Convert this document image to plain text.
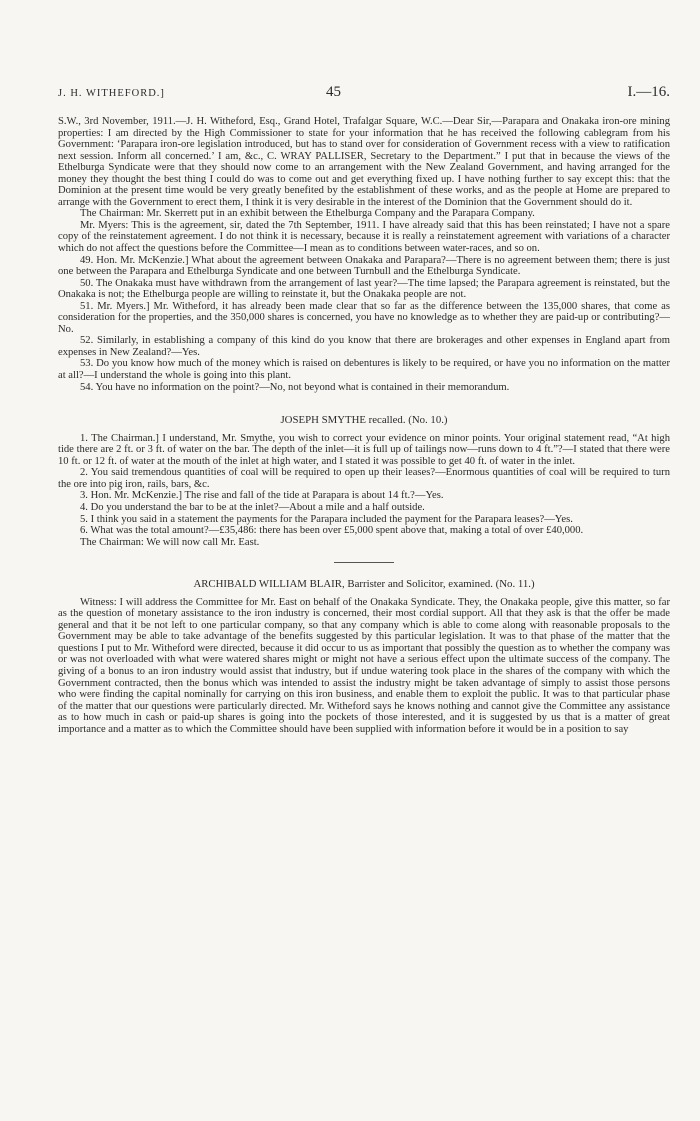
J. H. WITHEFORD.]	45	I.—16.

S.W., 3rd November, 1911.—J. H. Witheford, Esq., Grand Hotel, Trafalgar Square, W.C.—Dear Sir,—Parapara and Onakaka iron-ore mining properties: I am directed by the High Commissioner to state for your information that he has received the following cablegram from his Government: ‘Parapara iron-ore legislation introduced, but has to stand over for consideration of Government recess with a view to ratification next session. Inform all concerned.’ I am, &c., C. WRAY PALLISER, Secretary to the Department.” I put that in because the views of the Ethelburga Syndicate were that they should now come to an arrangement with the New Zealand Government, and having arranged for the money they thought the best thing I could do was to come out and get everything fixed up. I have nothing further to say except this: that the Dominion at the present time would be very greatly benefited by the establishment of these works, and as the people at Home are prepared to arrange with the Government to erect them, I think it is very desirable in the interest of the Dominion that the Government should do it.

The Chairman: Mr. Skerrett put in an exhibit between the Ethelburga Company and the Parapara Company.

Mr. Myers: This is the agreement, sir, dated the 7th September, 1911. I have already said that this has been reinstated; I have not a spare copy of the reinstatement agreement. I do not think it is necessary, because it is really a reinstatement agreement with variations of a character which do not affect the questions before the Committee—I mean as to conditions between water-races, and so on.

49. Hon. Mr. McKenzie.] What about the agreement between Onakaka and Parapara?—There is no agreement between them; there is just one between the Parapara and Ethelburga Syndicate and one between Turnbull and the Ethelburga Syndicate.

50. The Onakaka must have withdrawn from the arrangement of last year?—The time lapsed; the Parapara agreement is reinstated, but the Onakaka is not; the Ethelburga people are willing to reinstate it, but the Onakaka people are not.

51. Mr. Myers.] Mr. Witheford, it has already been made clear that so far as the difference between the 135,000 shares, that come as consideration for the properties, and the 350,000 shares is concerned, you have no knowledge as to whether they are paid-up or contributing?—No.

52. Similarly, in establishing a company of this kind do you know that there are brokerages and other expenses in England apart from expenses in New Zealand?—Yes.

53. Do you know how much of the money which is raised on debentures is likely to be required, or have you no information on the matter at all?—I understand the whole is going into this plant.

54. You have no information on the point?—No, not beyond what is contained in their memorandum.

JOSEPH SMYTHE recalled. (No. 10.)

1. The Chairman.] I understand, Mr. Smythe, you wish to correct your evidence on minor points. Your original statement read, “At high tide there are 2 ft. or 3 ft. of water on the bar. The depth of the inlet—it is full up of tailings now—runs down to 4 ft.”?—I stated that there were 10 ft. or 12 ft. of water at the mouth of the inlet at high water, and I stated it was possible to get 40 ft. of water in the inlet.

2. You said tremendous quantities of coal will be required to open up their leases?—Enormous quantities of coal will be required to turn the ore into pig iron, rails, bars, &c.

3. Hon. Mr. McKenzie.] The rise and fall of the tide at Parapara is about 14 ft.?—Yes.

4. Do you understand the bar to be at the inlet?—About a mile and a half outside.

5. I think you said in a statement the payments for the Parapara included the payment for the Parapara leases?—Yes.

6. What was the total amount?—£35,486: there has been over £5,000 spent above that, making a total of over £40,000.

The Chairman: We will now call Mr. East.

ARCHIBALD WILLIAM BLAIR, Barrister and Solicitor, examined. (No. 11.)

Witness: I will address the Committee for Mr. East on behalf of the Onakaka Syndicate. They, the Onakaka people, give this matter, so far as the question of monetary assistance to the iron industry is concerned, their most cordial support. All that they ask is that the offer be made general and that it be not left to one particular company, so that any company which is able to come along with reasonable proposals to the Government may be able to take advantage of the benefits suggested by this particular legislation. It was to that phase of the matter that the questions I put to Mr. Witheford were directed, because it did occur to us as important that possibly the question as to whether the company was or was not overloaded with what were watered shares might or might not have a serious effect upon the ultimate success of the company. The giving of a bonus to an iron industry would assist that industry, but if undue watering took place in the shares of the company with which the Government contracted, then the bonus which was intended to assist the industry might be taken advantage of simply to assist those persons who were finding the capital nominally for carrying on this iron business, and enable them to exploit the public. It was to that particular phase of the matter that our questions were particularly directed. Mr. Witheford says he knows nothing and cannot give the Committee any assistance as to how much in cash or paid-up shares is going into the pockets of those interested, and it is suggested by us that is a matter of great importance and a matter as to which the Committee should have been supplied with information before it would be in a position to say
